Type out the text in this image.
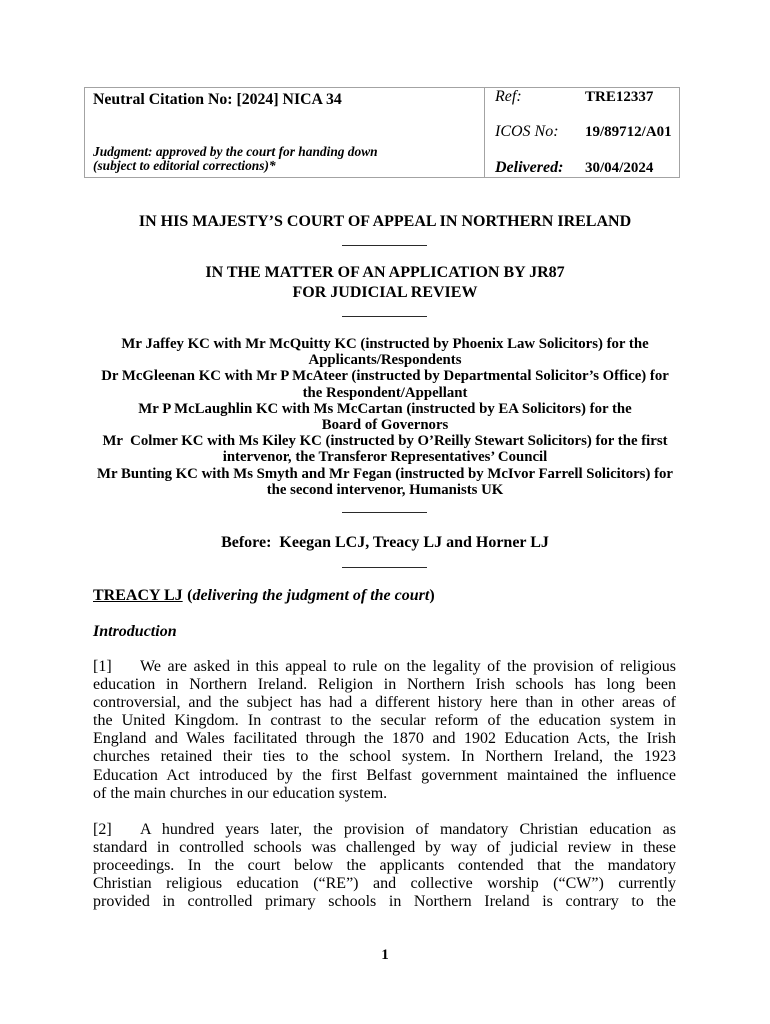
Neutral Citation No: [2024] NICA 34
Judgment: approved by the court for handing down
(subject to editorial corrections)*
Ref:	TRE12337
ICOS No: 19/89712/A01
Delivered: 30/04/2024
IN HIS MAJESTY’S COURT OF APPEAL IN NORTHERN IRELAND
IN THE MATTER OF AN APPLICATION BY JR87
FOR JUDICIAL REVIEW
Mr Jaffey KC with Mr McQuitty KC (instructed by Phoenix Law Solicitors) for the
Applicants/Respondents
Dr McGleenan KC with Mr P McAteer (instructed by Departmental Solicitor’s Office) for
the Respondent/Appellant
Mr P McLaughlin KC with Ms McCartan (instructed by EA Solicitors) for the
Board of Governors
Mr  Colmer KC with Ms Kiley KC (instructed by O’Reilly Stewart Solicitors) for the first
intervenor, the Transferor Representatives’ Council
Mr Bunting KC with Ms Smyth and Mr Fegan (instructed by McIvor Farrell Solicitors) for
the second intervenor, Humanists UK
Before:  Keegan LCJ, Treacy LJ and Horner LJ
TREACY LJ (delivering the judgment of the court)
Introduction
[1]	We are asked in this appeal to rule on the legality of the provision of religious
education in Northern Ireland. Religion in Northern Irish schools has long been
controversial, and the subject has had a different history here than in other areas of
the United Kingdom. In contrast to the secular reform of the education system in
England and Wales facilitated through the 1870 and 1902 Education Acts, the Irish
churches retained their ties to the school system. In Northern Ireland, the 1923
Education Act introduced by the first Belfast government maintained the influence
of the main churches in our education system.
[2]	A hundred years later, the provision of mandatory Christian education as
standard in controlled schools was challenged by way of judicial review in these
proceedings. In the court below the applicants contended that the mandatory
Christian religious education (“RE”) and collective worship (“CW”) currently
provided in controlled primary schools in Northern Ireland is contrary to the
1
